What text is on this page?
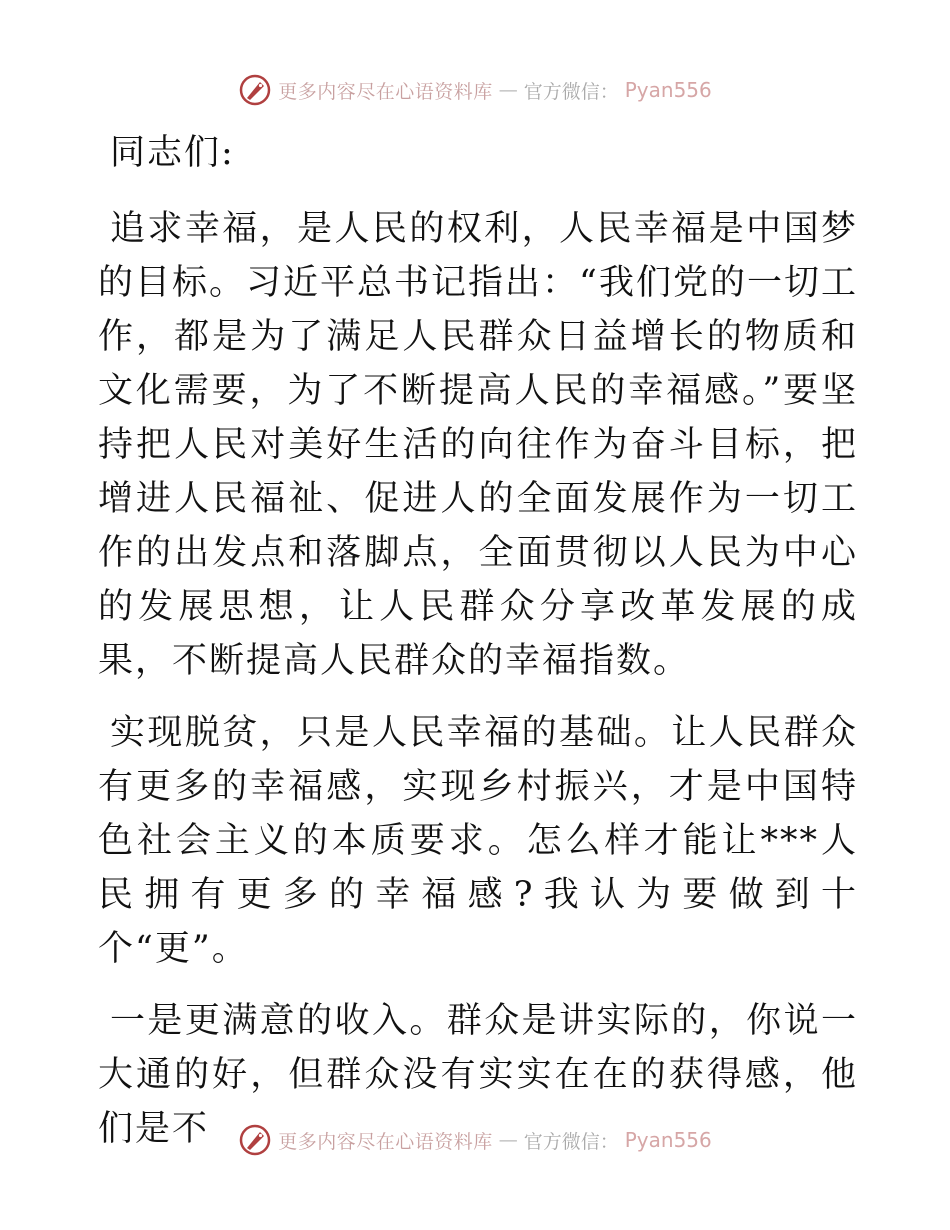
更多内容尽在心语资料库 — 官方微信： Pyan556

同志们:

追求幸福，是人民的权利，人民幸福是中国梦的目标。习近平总书记指出：“我们党的一切工作，都是为了满足人民群众日益增长的物质和文化需要，为了不断提高人民的幸福感。”要坚持把人民对美好生活的向往作为奋斗目标，把增进人民福祉、促进人的全面发展作为一切工作的出发点和落脚点，全面贯彻以人民为中心的发展思想，让人民群众分享改革发展的成果，不断提高人民群众的幸福指数。

实现脱贫，只是人民幸福的基础。让人民群众有更多的幸福感，实现乡村振兴，才是中国特色社会主义的本质要求。怎么样才能让***人民拥有更多的幸福感?我认为要做到十个“更”。

一是更满意的收入。群众是讲实际的，你说一大通的好，但群众没有实实在在的获得感，他们是不	更多内容尽在心语资料库 — 官方微信： Pyan556
